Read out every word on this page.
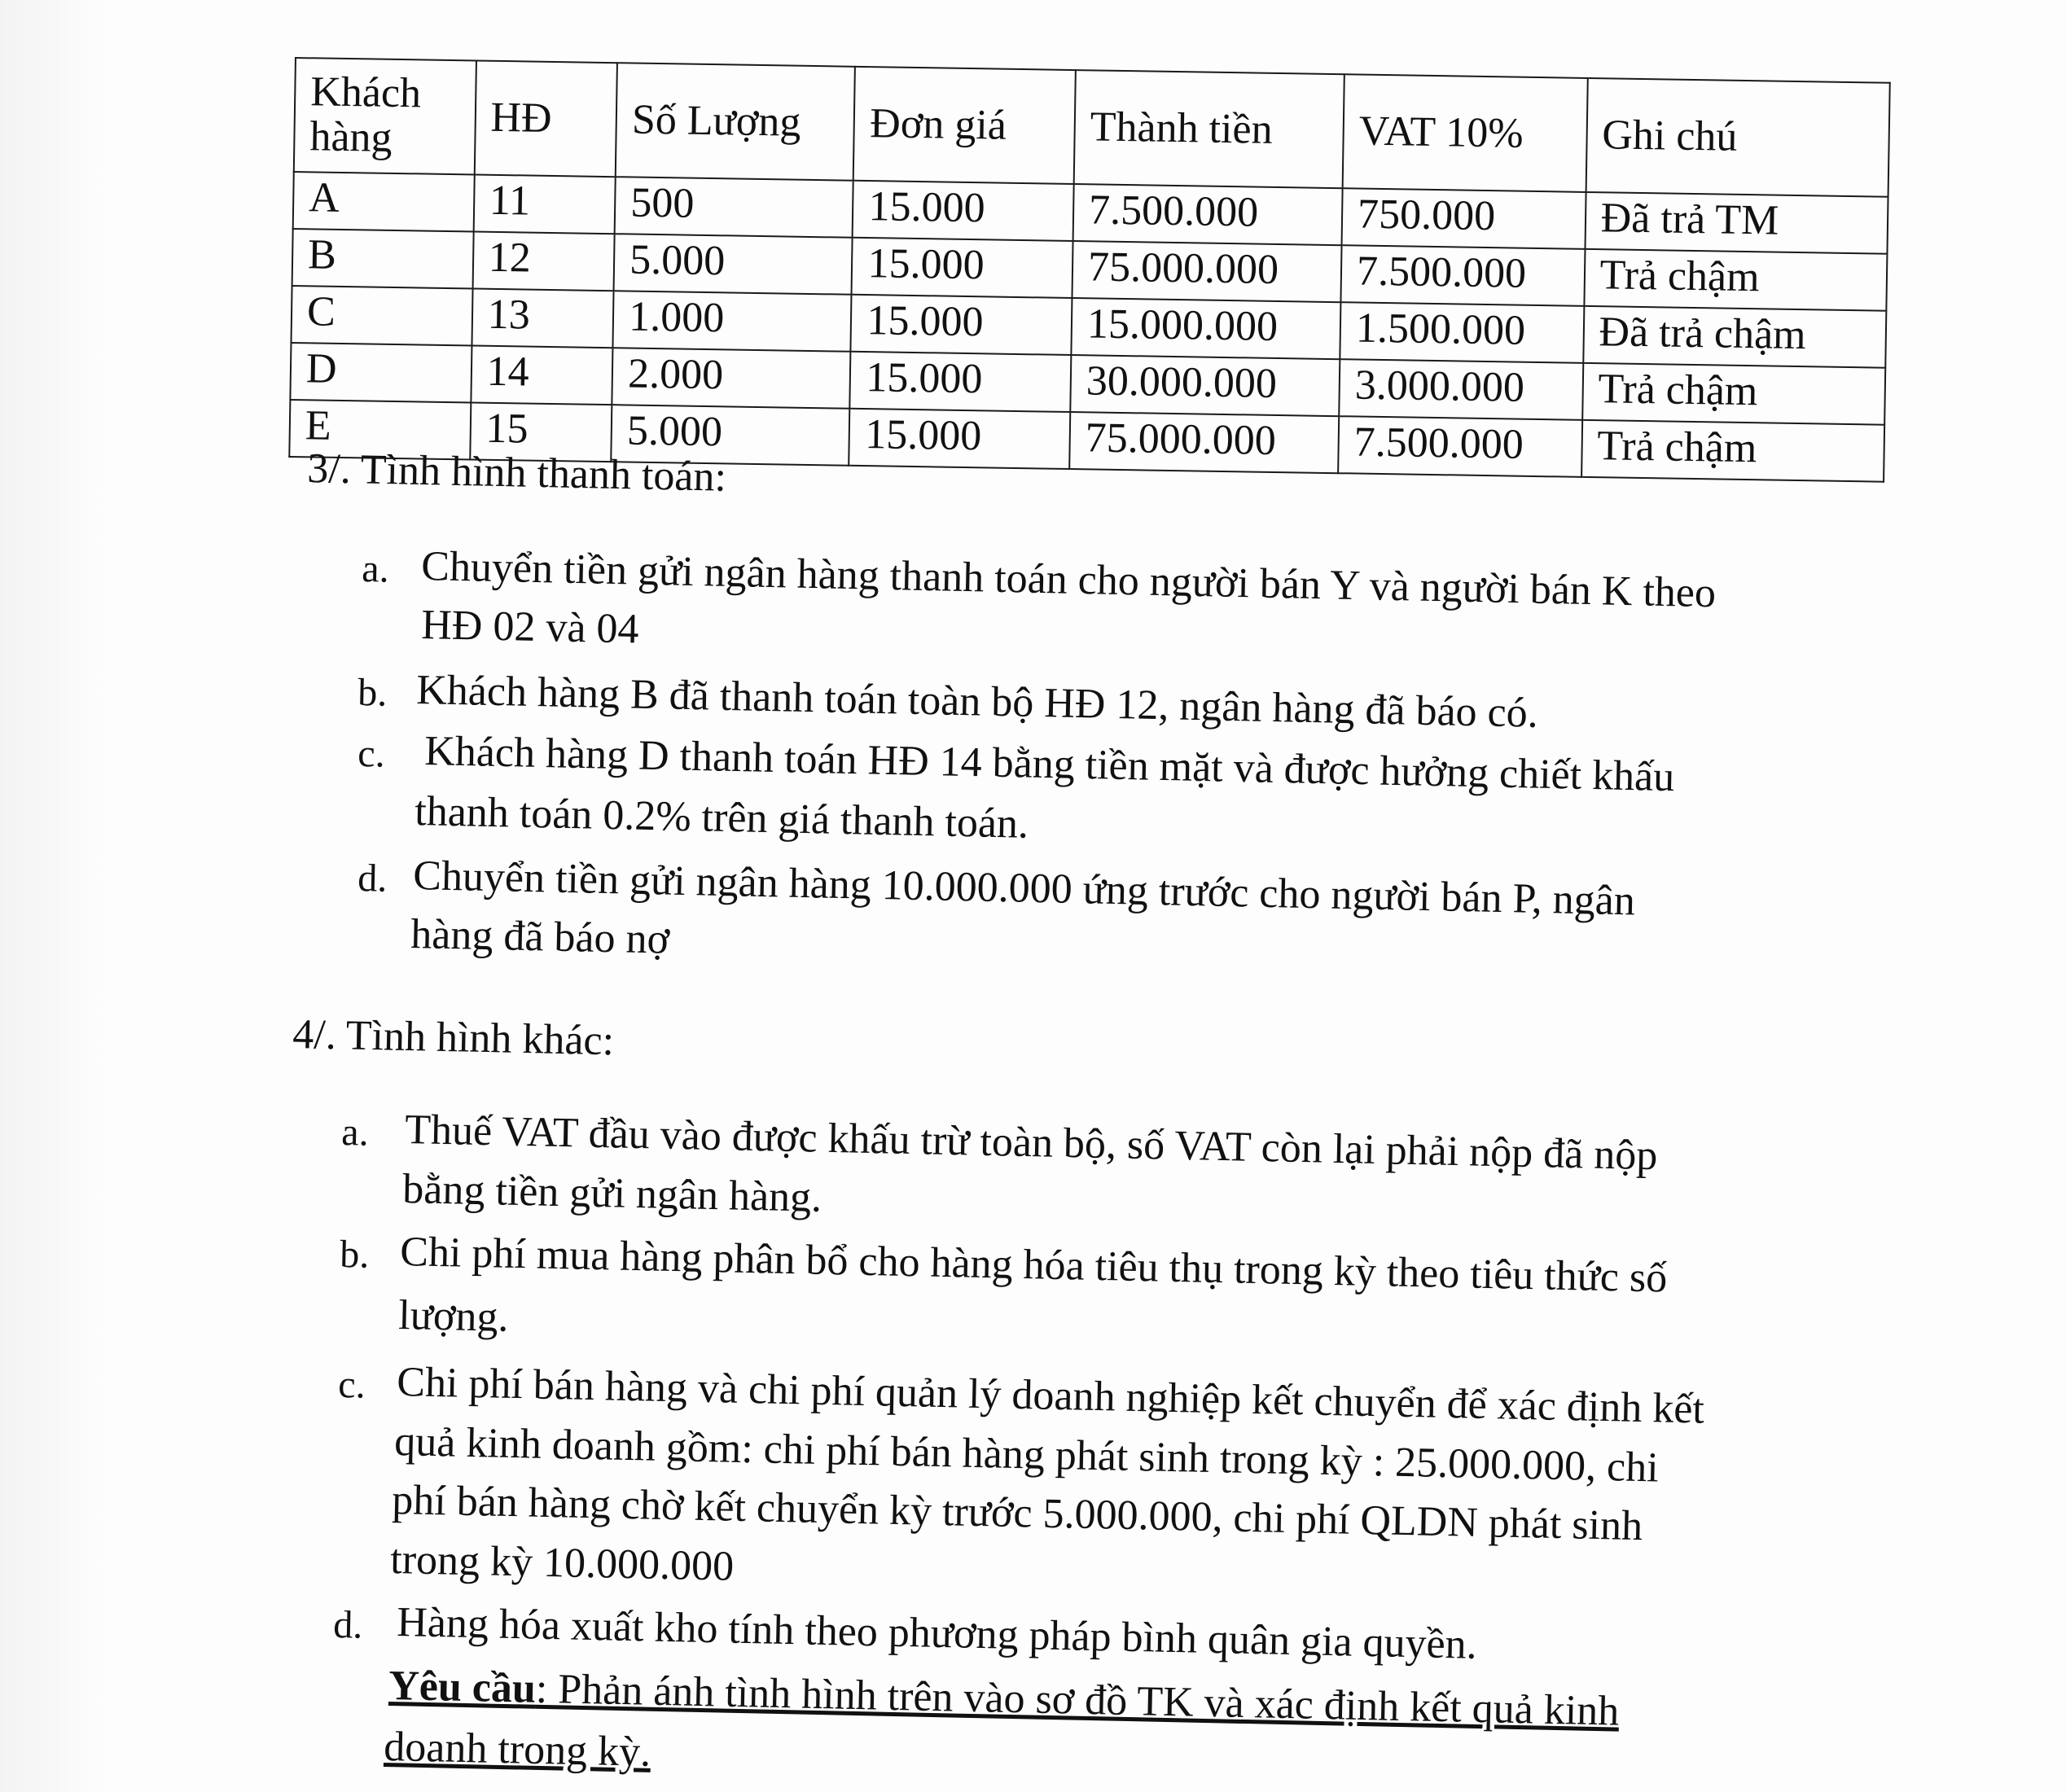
Khách hàng	HĐ	Số Lượng	Đơn giá	Thành tiền	VAT 10%	Ghi chú
A	11	500	15.000	7.500.000	750.000	Đã trả TM
B	12	5.000	15.000	75.000.000	7.500.000	Trả chậm
C	13	1.000	15.000	15.000.000	1.500.000	Đã trả chậm
D	14	2.000	15.000	30.000.000	3.000.000	Trả chậm
E	15	5.000	15.000	75.000.000	7.500.000	Trả chậm
3/. Tình hình thanh toán:
a. Chuyển tiền gửi ngân hàng thanh toán cho người bán Y và người bán K theo
HĐ 02 và 04
b. Khách hàng B đã thanh toán toàn bộ HĐ 12, ngân hàng đã báo có.
c. Khách hàng D thanh toán HĐ 14 bằng tiền mặt và được hưởng chiết khấu
thanh toán 0.2% trên giá thanh toán.
d. Chuyển tiền gửi ngân hàng 10.000.000 ứng trước cho người bán P, ngân
hàng đã báo nợ
4/. Tình hình khác:
a. Thuế VAT đầu vào được khấu trừ toàn bộ, số VAT còn lại phải nộp đã nộp
bằng tiền gửi ngân hàng.
b. Chi phí mua hàng phân bổ cho hàng hóa tiêu thụ trong kỳ theo tiêu thức số
lượng.
c. Chi phí bán hàng và chi phí quản lý doanh nghiệp kết chuyển để xác định kết
quả kinh doanh gồm: chi phí bán hàng phát sinh trong kỳ : 25.000.000, chi
phí bán hàng chờ kết chuyển kỳ trước 5.000.000, chi phí QLDN phát sinh
trong kỳ 10.000.000
d. Hàng hóa xuất kho tính theo phương pháp bình quân gia quyền.
Yêu cầu: Phản ánh tình hình trên vào sơ đồ TK và xác định kết quả kinh
doanh trong kỳ.
